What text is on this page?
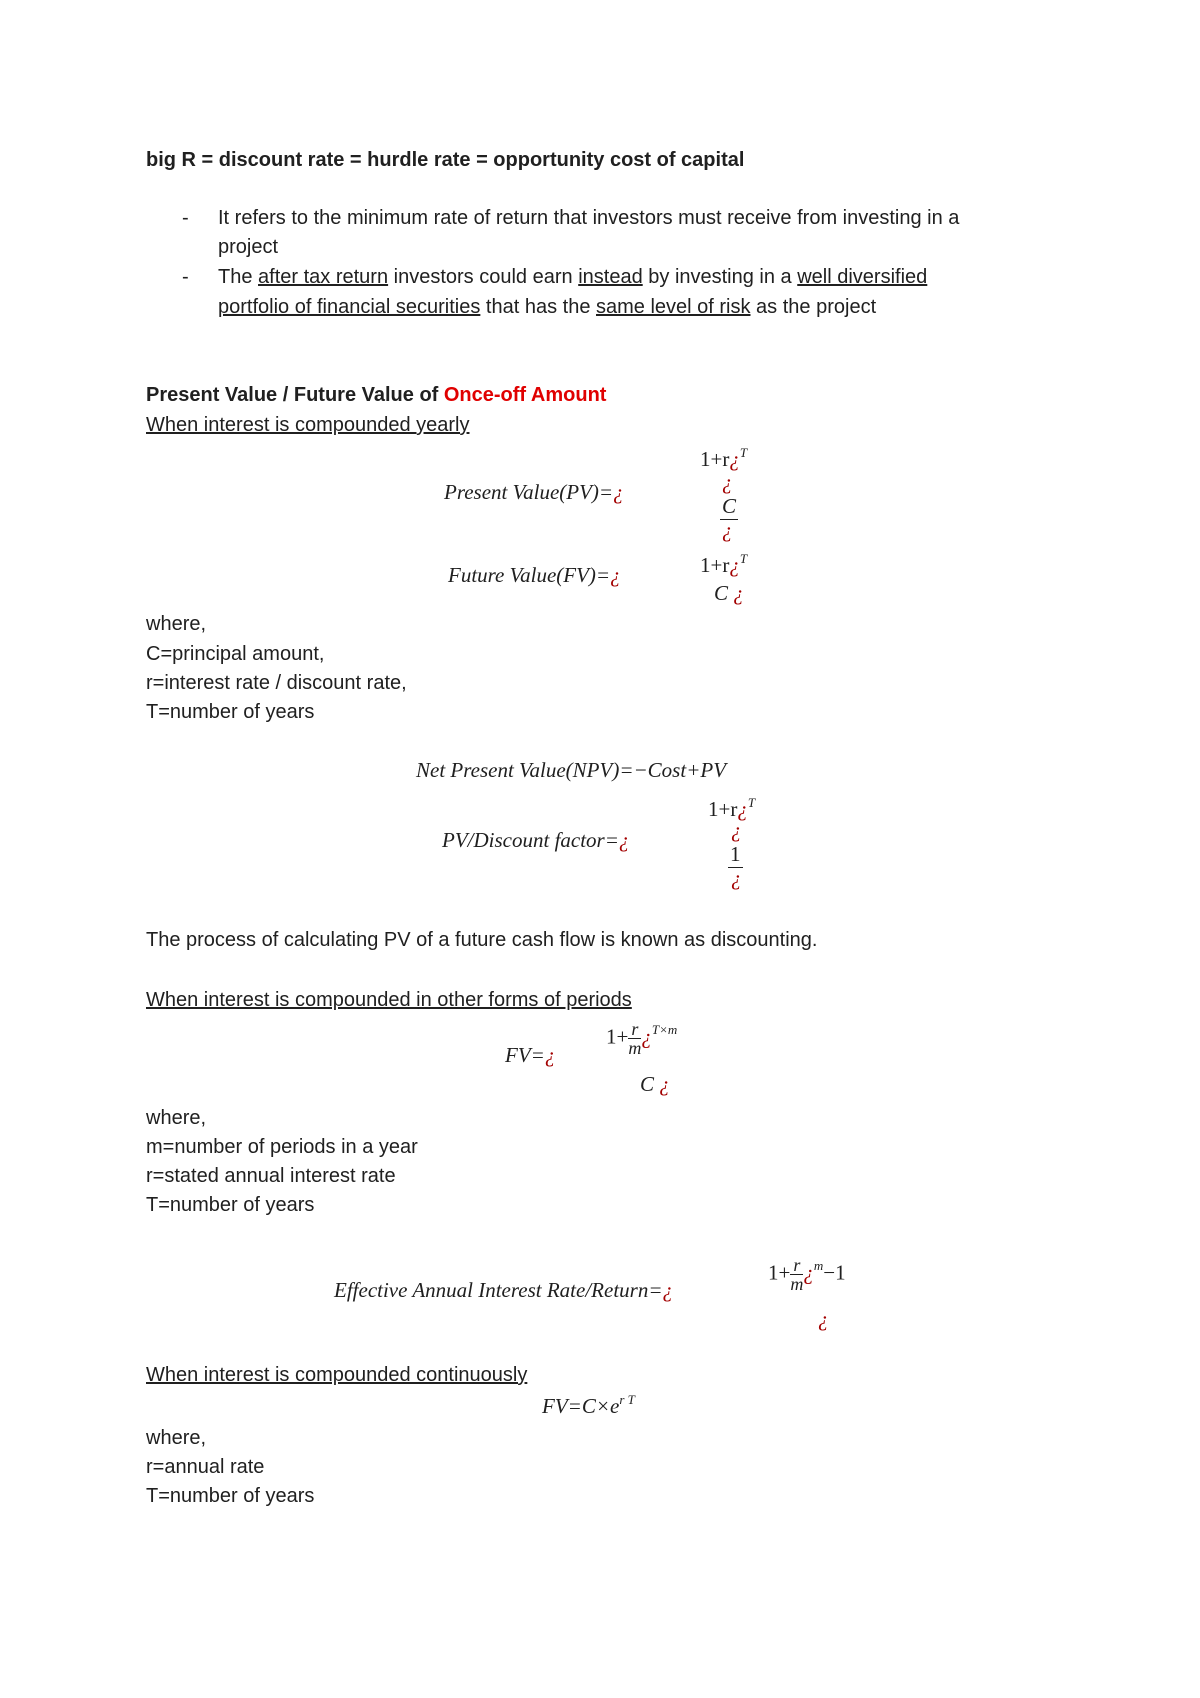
big R = discount rate = hurdle rate = opportunity cost of capital
- It refers to the minimum rate of return that investors must receive from investing in a
project
- The after tax return investors could earn instead by investing in a well diversified
portfolio of financial securities that has the same level of risk as the project
Present Value / Future Value of Once-off Amount
When interest is compounded yearly
Present Value(PV)=¿
1+r¿$^T$
¿
C
¿
Future Value(FV)=¿	1+r¿$^T$
C ¿
where,
C=principal amount,
r=interest rate / discount rate,
T=number of years
Net Present Value(NPV)=−Cost+PV
PV/Discount factor=¿
1+r¿$^T$
¿
1
¿
The process of calculating PV of a future cash flow is known as discounting.
When interest is compounded in other forms of periods
FV=¿
$1+ \frac{r}{m}$ ¿$^{T\times m}$
C ¿
where,
m=number of periods in a year
r=stated annual interest rate
T=number of years
Effective Annual Interest Rate/Return=¿
$1+ \frac{r}{m}$ ¿$^m$−1
¿
When interest is compounded continuously
$FV=C\times e^{r T}$
where,
r=annual rate
T=number of years
